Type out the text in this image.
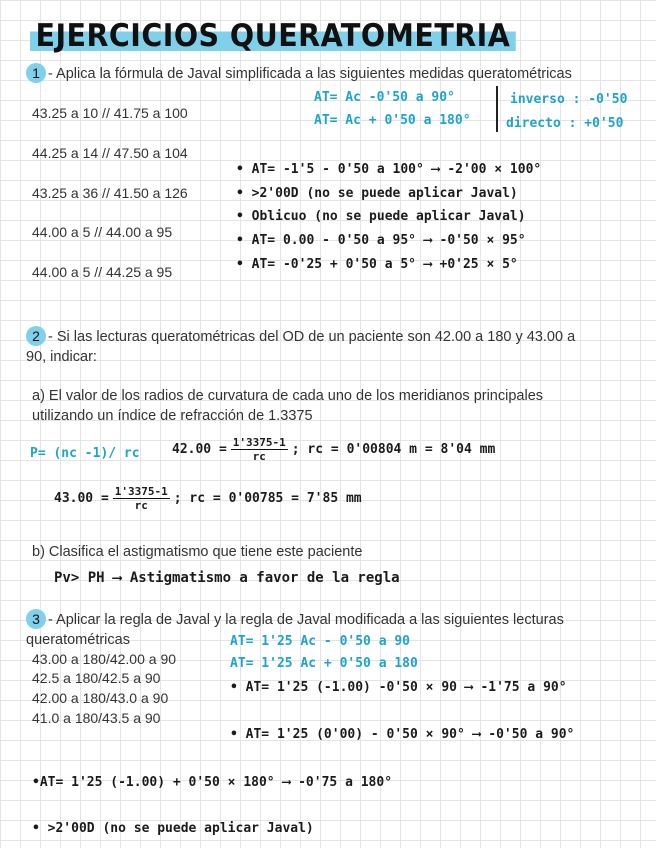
EJERCICIOS QUERATOMETRIA
1 - Aplica la fórmula de Javal simplificada a las siguientes medidas queratométricas
43.25 a 10 // 41.75 a 100
44.25 a 14 // 47.50 a 104
43.25 a 36 // 41.50 a 126
44.00 a 5 // 44.00 a 95
44.00 a 5 // 44.25 a 95
AT= Ac -0'50 a 90°
AT= Ac + 0'50 a 180°
inverso : -0'50
directo : +0'50
• AT= -1'5 - 0'50 a 100° ⟶ -2'00 × 100°
• >2'00D (no se puede aplicar Javal)
• Oblicuo (no se puede aplicar Javal)
• AT= 0.00 - 0'50 a 95° ⟶ -0'50 × 95°
• AT= -0'25 + 0'50 a 5° ⟶ +0'25 × 5°
2 - Si las lecturas queratométricas del OD de un paciente son 42.00 a 180 y 43.00 a
90, indicar:
a) El valor de los radios de curvatura de cada uno de los meridianos principales
utilizando un índice de refracción de 1.3375
P= (nc -1)/ rc $42.00 = \frac{1'3375-1}{rc}$ ; rc = 0'00804 m = 8'04 mm
$43.00 = \frac{1'3375-1}{rc}$ ; rc = 0'00785 = 7'85 mm
b) Clasifica el astigmatismo que tiene este paciente
Pv> PH ⟶ Astigmatismo a favor de la regla
3 - Aplicar la regla de Javal y la regla de Javal modificada a las siguientes lecturas
queratométricas
43.00 a 180/42.00 a 90
42.5 a 180/42.5 a 90
42.00 a 180/43.0 a 90
41.0 a 180/43.5 a 90
AT= 1'25 Ac - 0'50 a 90
AT= 1'25 Ac + 0'50 a 180
• AT= 1'25 (-1.00) -0'50 × 90 ⟶ -1'75 a 90°
• AT= 1'25 (0'00) - 0'50 × 90° ⟶ -0'50 a 90°
•AT= 1'25 (-1.00) + 0'50 × 180° ⟶ -0'75 a 180°
• >2'00D (no se puede aplicar Javal)
